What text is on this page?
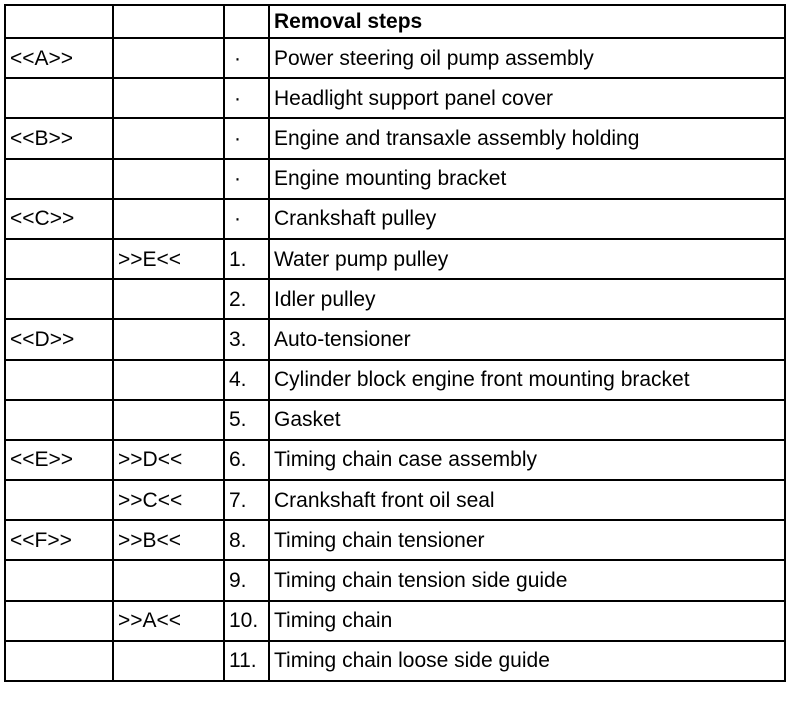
			Removal steps
<<A>>		·	Power steering oil pump assembly
		·	Headlight support panel cover
<<B>>		·	Engine and transaxle assembly holding
		·	Engine mounting bracket
<<C>>		·	Crankshaft pulley
	>>E<<	1.	Water pump pulley
		2.	Idler pulley
<<D>>		3.	Auto-tensioner
		4.	Cylinder block engine front mounting bracket
		5.	Gasket
<<E>>	>>D<<	6.	Timing chain case assembly
	>>C<<	7.	Crankshaft front oil seal
<<F>>	>>B<<	8.	Timing chain tensioner
		9.	Timing chain tension side guide
	>>A<<	10.	Timing chain
		11.	Timing chain loose side guide
